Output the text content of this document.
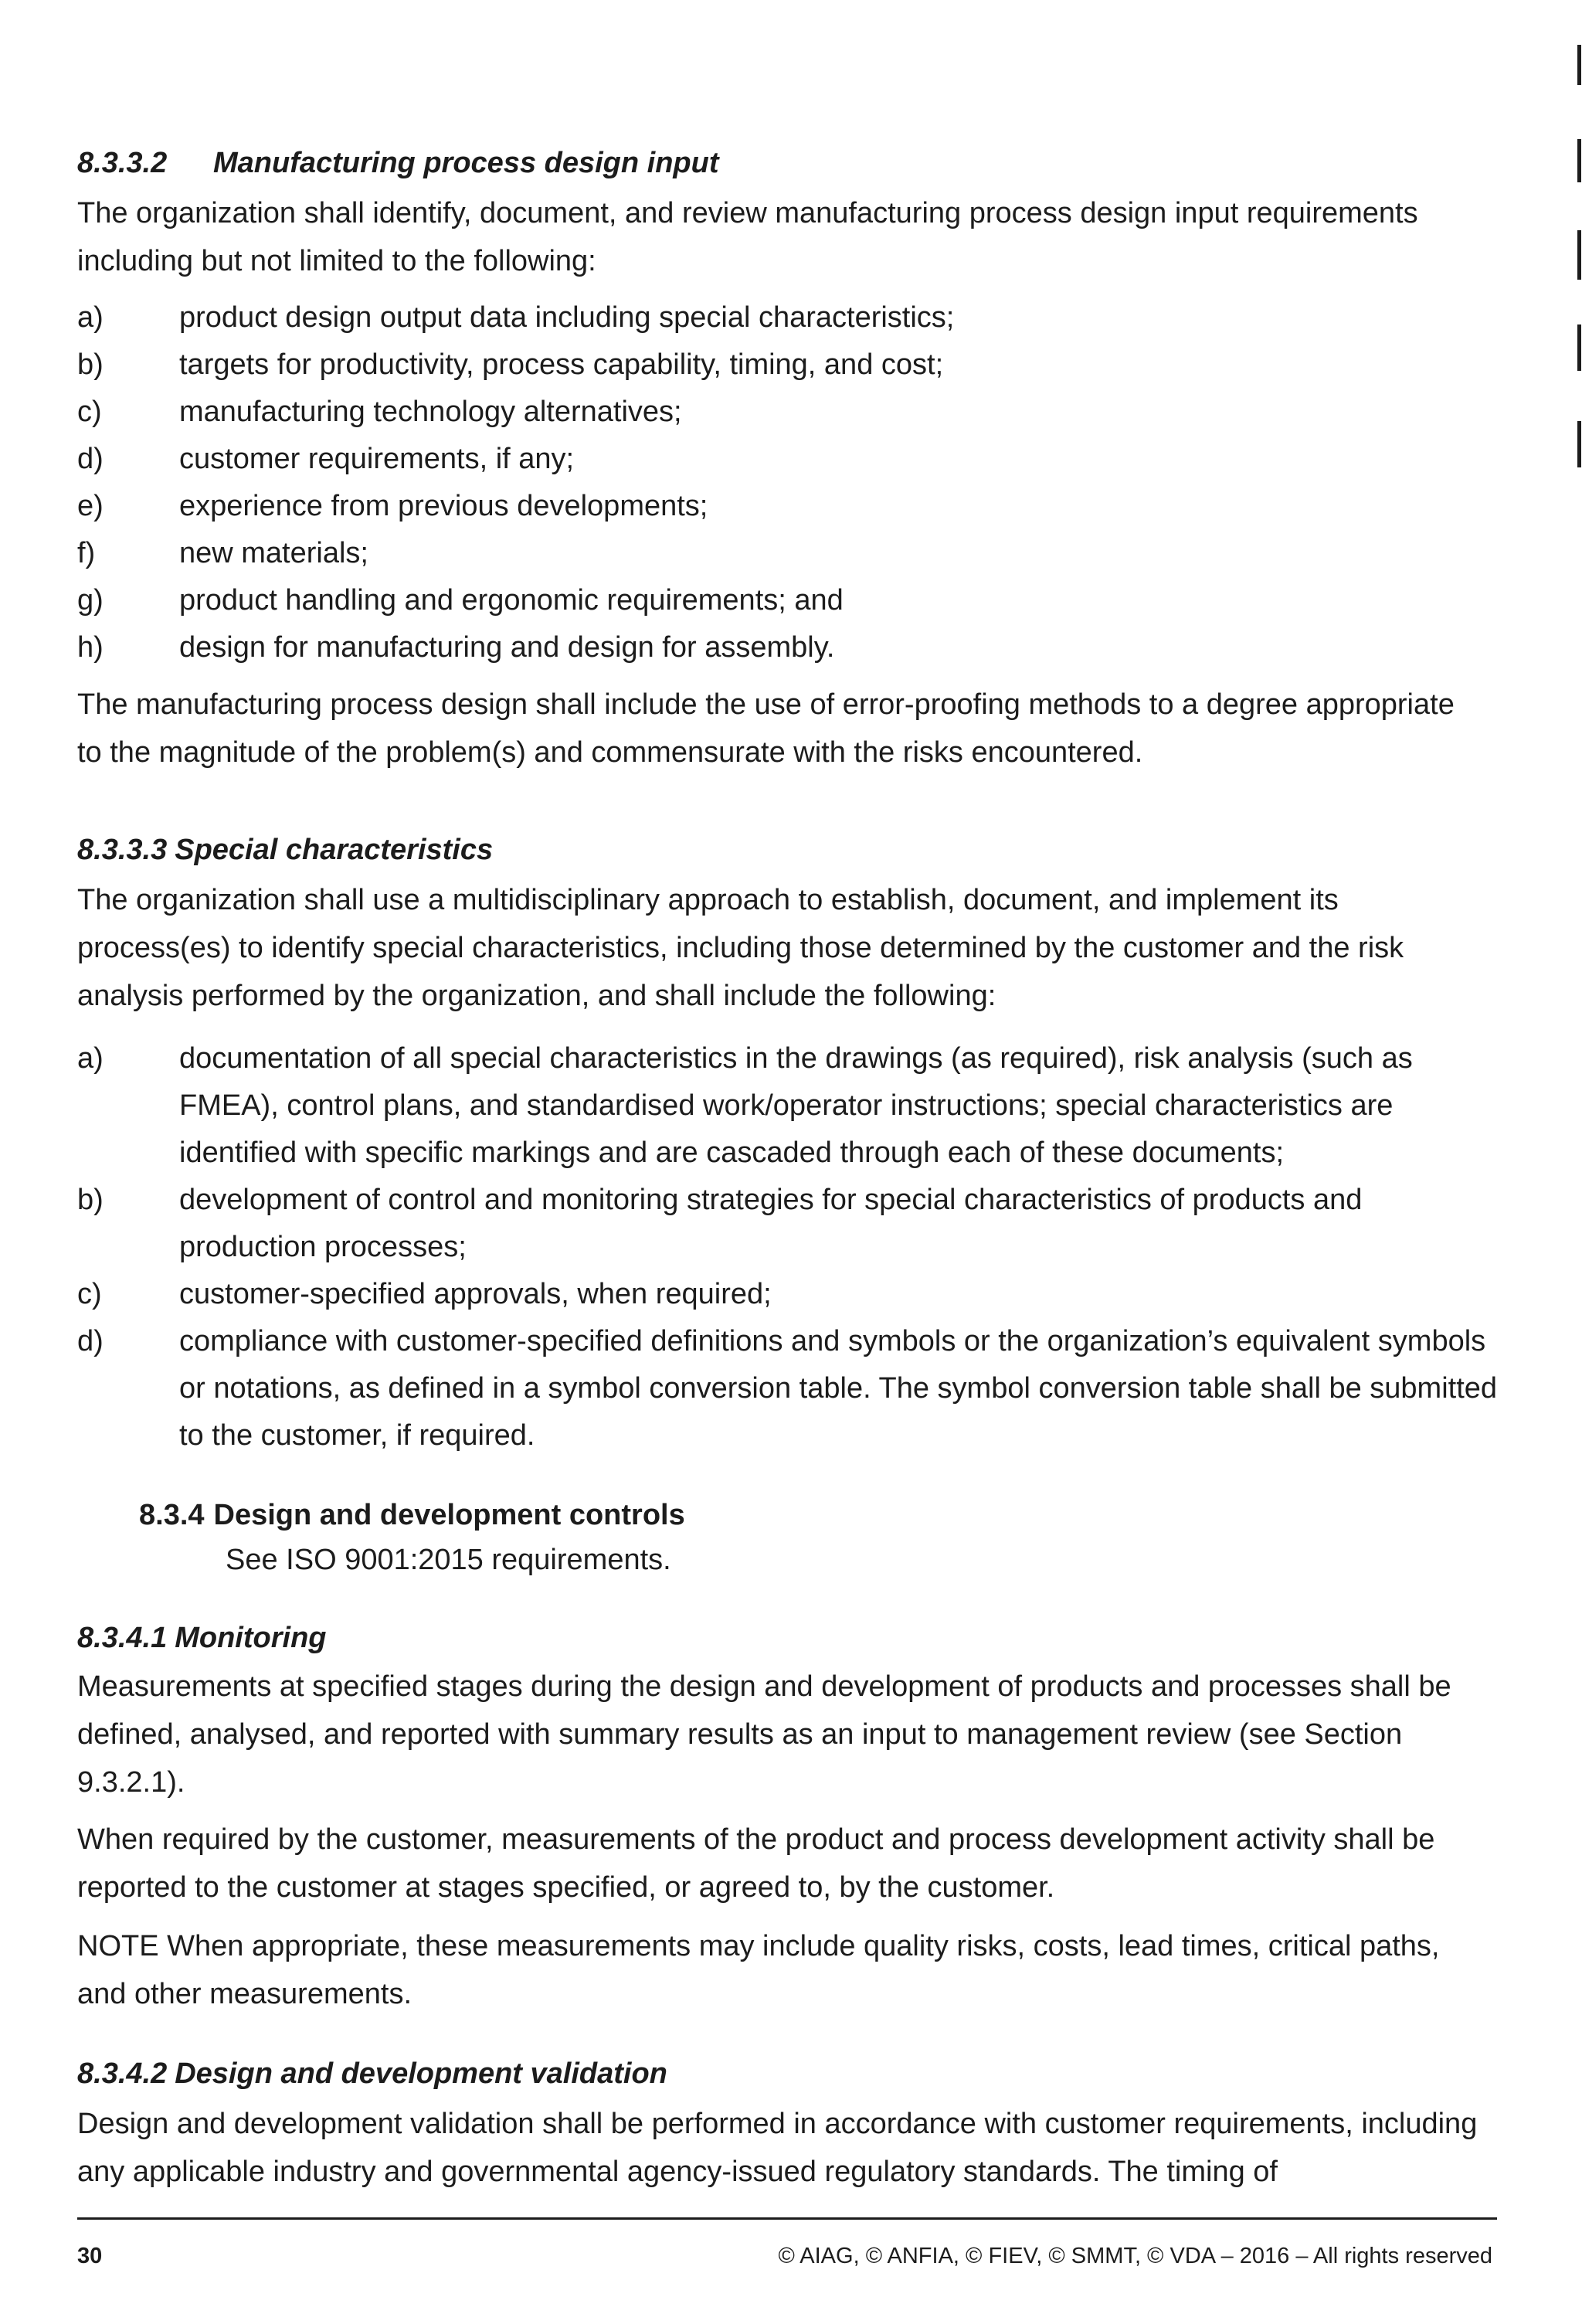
8.3.3.2 Manufacturing process design input

The organization shall identify, document, and review manufacturing process design input requirements including but not limited to the following:

a)	product design output data including special characteristics;
b)	targets for productivity, process capability, timing, and cost;
c)	manufacturing technology alternatives;
d)	customer requirements, if any;
e)	experience from previous developments;
f)	new materials;
g)	product handling and ergonomic requirements; and
h)	design for manufacturing and design for assembly.

The manufacturing process design shall include the use of error-proofing methods to a degree appropriate to the magnitude of the problem(s) and commensurate with the risks encountered.

8.3.3.3 Special characteristics

The organization shall use a multidisciplinary approach to establish, document, and implement its process(es) to identify special characteristics, including those determined by the customer and the risk analysis performed by the organization, and shall include the following:

a)	documentation of all special characteristics in the drawings (as required), risk analysis (such as FMEA), control plans, and standardised work/operator instructions; special characteristics are identified with specific markings and are cascaded through each of these documents;
b)	development of control and monitoring strategies for special characteristics of products and production processes;
c)	customer-specified approvals, when required;
d)	compliance with customer-specified definitions and symbols or the organization’s equivalent symbols or notations, as defined in a symbol conversion table. The symbol conversion table shall be submitted to the customer, if required.
8.3.4 Design and development controls

See ISO 9001:2015 requirements.

8.3.4.1 Monitoring

Measurements at specified stages during the design and development of products and processes shall be defined, analysed, and reported with summary results as an input to management review (see Section 9.3.2.1).

When required by the customer, measurements of the product and process development activity shall be reported to the customer at stages specified, or agreed to, by the customer.

NOTE When appropriate, these measurements may include quality risks, costs, lead times, critical paths, and other measurements.

8.3.4.2 Design and development validation

Design and development validation shall be performed in accordance with customer requirements, including any applicable industry and governmental agency-issued regulatory standards. The timing of

30	© AIAG, © ANFIA, © FIEV, © SMMT, © VDA – 2016 – All rights reserved
